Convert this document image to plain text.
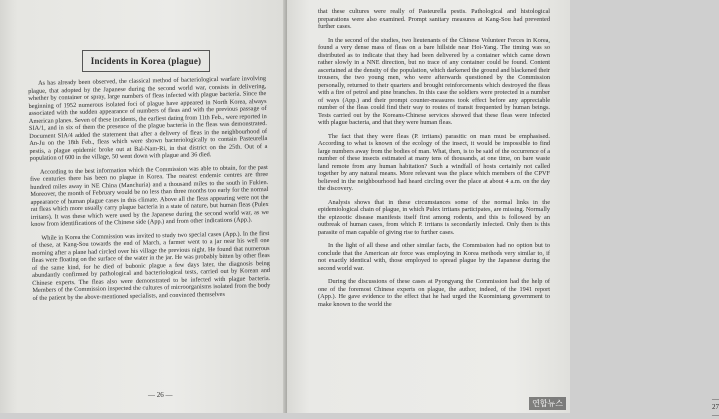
Incidents in Korea (plague)

As has already been observed, the classical method of bacteriological warfare involving plague, that adopted by the Japanese during the second world war, consists in delivering, whether by container or spray, large numbers of fleas infected with plague bacteria. Since the beginning of 1952 numerous isolated foci of plague have appeared in North Korea, always associated with the sudden appearance of numbers of fleas and with the previous passage of American planes. Seven of these incidents, the earliest dating from 11th Feb., were reported in SIA/1, and in six of them the presence of the plague bacteria in the fleas was demonstrated. Document SIA/4 added the statement that after a delivery of fleas in the neighbourhood of An-Ju on the 18th Feb., fleas which were shown bacteriologically to contain Pasteurella pestis, a plague epidemic broke out at Bal-Nam-Ri, in that district on the 25th. Out of a population of 600 in the village, 50 went down with plague and 36 died.

According to the best information which the Commission was able to obtain, for the past five centuries there has been no plague in Korea. The nearest endemic centres are three hundred miles away in NE China (Manchuria) and a thousand miles to the south in Fukien. Moreover, the month of February would be no less than three months too early for the normal appearance of human plague cases in this climate. Above all the fleas appearing were not the rat fleas which more usually carry plague bacteria in a state of nature, but human fleas (Pulex irritans). It was these which were used by the Japanese during the second world war, as we know from identifications of the Chinese side (App.) and from other indications (App.).

While in Korea the Commission was invited to study two special cases (App.). In the first of these, at Kang-Sou towards the end of March, a farmer went to a jar near his well one morning after a plane had circled over his village the previous night. He found that numerous fleas were floating on the surface of the water in the jar. He was probably bitten by other fleas of the same kind, for he died of bubonic plague a few days later, the diagnosis being abundantly confirmed by pathological and bacteriological tests, carried out by Korean and Chinese experts. The fleas also were demonstrated to be infected with plague bacteria. Members of the Commission inspected the cultures of microorganisms isolated from the body of the patient by the above-mentioned specialists, and convinced themselves

— 26 —	— 27 —

that these cultures were really of Pasteurella pestis. Pathological and histological preparations were also examined. Prompt sanitary measures at Kang-Sou had prevented further cases.

In the second of the studies, two lieutenants of the Chinese Volunteer Forces in Korea, found a very dense mass of fleas on a bare hillside near Hoi-Yang. The timing was so distributed as to indicate that they had been delivered by a container which came down rather slowly in a NNE direction, but no trace of any container could be found. Content ascertained at the density of the population, which darkened the ground and blackened their trousers, the two young men, who were afterwards questioned by the Commission personally, returned to their quarters and brought reinforcements which destroyed the fleas with a fire of petrol and pine branches. In this case the soldiers were protected in a number of ways (App.) and their prompt counter-measures took effect before any appreciable number of the fleas could find their way to routes of transit frequented by human beings. Tests carried out by the Koreans-Chinese services showed that these fleas were infected with plague bacteria, and that they were human fleas.

The fact that they were fleas (P. irritans) parasitic on man must be emphasised. According to what is known of the ecology of the insect, it would be impossible to find large numbers away from the bodies of man. What, then, is to be said of the occurrence of a number of these insects estimated at many tens of thousands, at one time, on bare waste land remote from any human habitation? Such a windfall of hosts certainly not called together by any natural means. More relevant was the place which members of the CPVF believed in the neighbourhood had heard circling over the place at about 4 a.m. on the day the discovery.

Analysis shows that in these circumstances some of the normal links in the epidemiological chain of plague, in which Pulex irritans participates, are missing. Normally the epizootic disease manifests itself first among rodents, and this is followed by an outbreak of human cases, from which P. irritans is secondarily infected. Only then is this parasite of man capable of giving rise to further cases.

In the light of all these and other similar facts, the Commission had no option but to conclude that the American air force was employing in Korea methods very similar to, if not exactly identical with, those employed to spread plague by the Japanese during the second world war.

During the discussions of these cases at Pyongyang the Commission had the help of one of the foremost Chinese experts on plague, the author, indeed, of the 1941 report (App.). He gave evidence to the effect that he had urged the Kuomintang government to make known to the world the

연합뉴스
